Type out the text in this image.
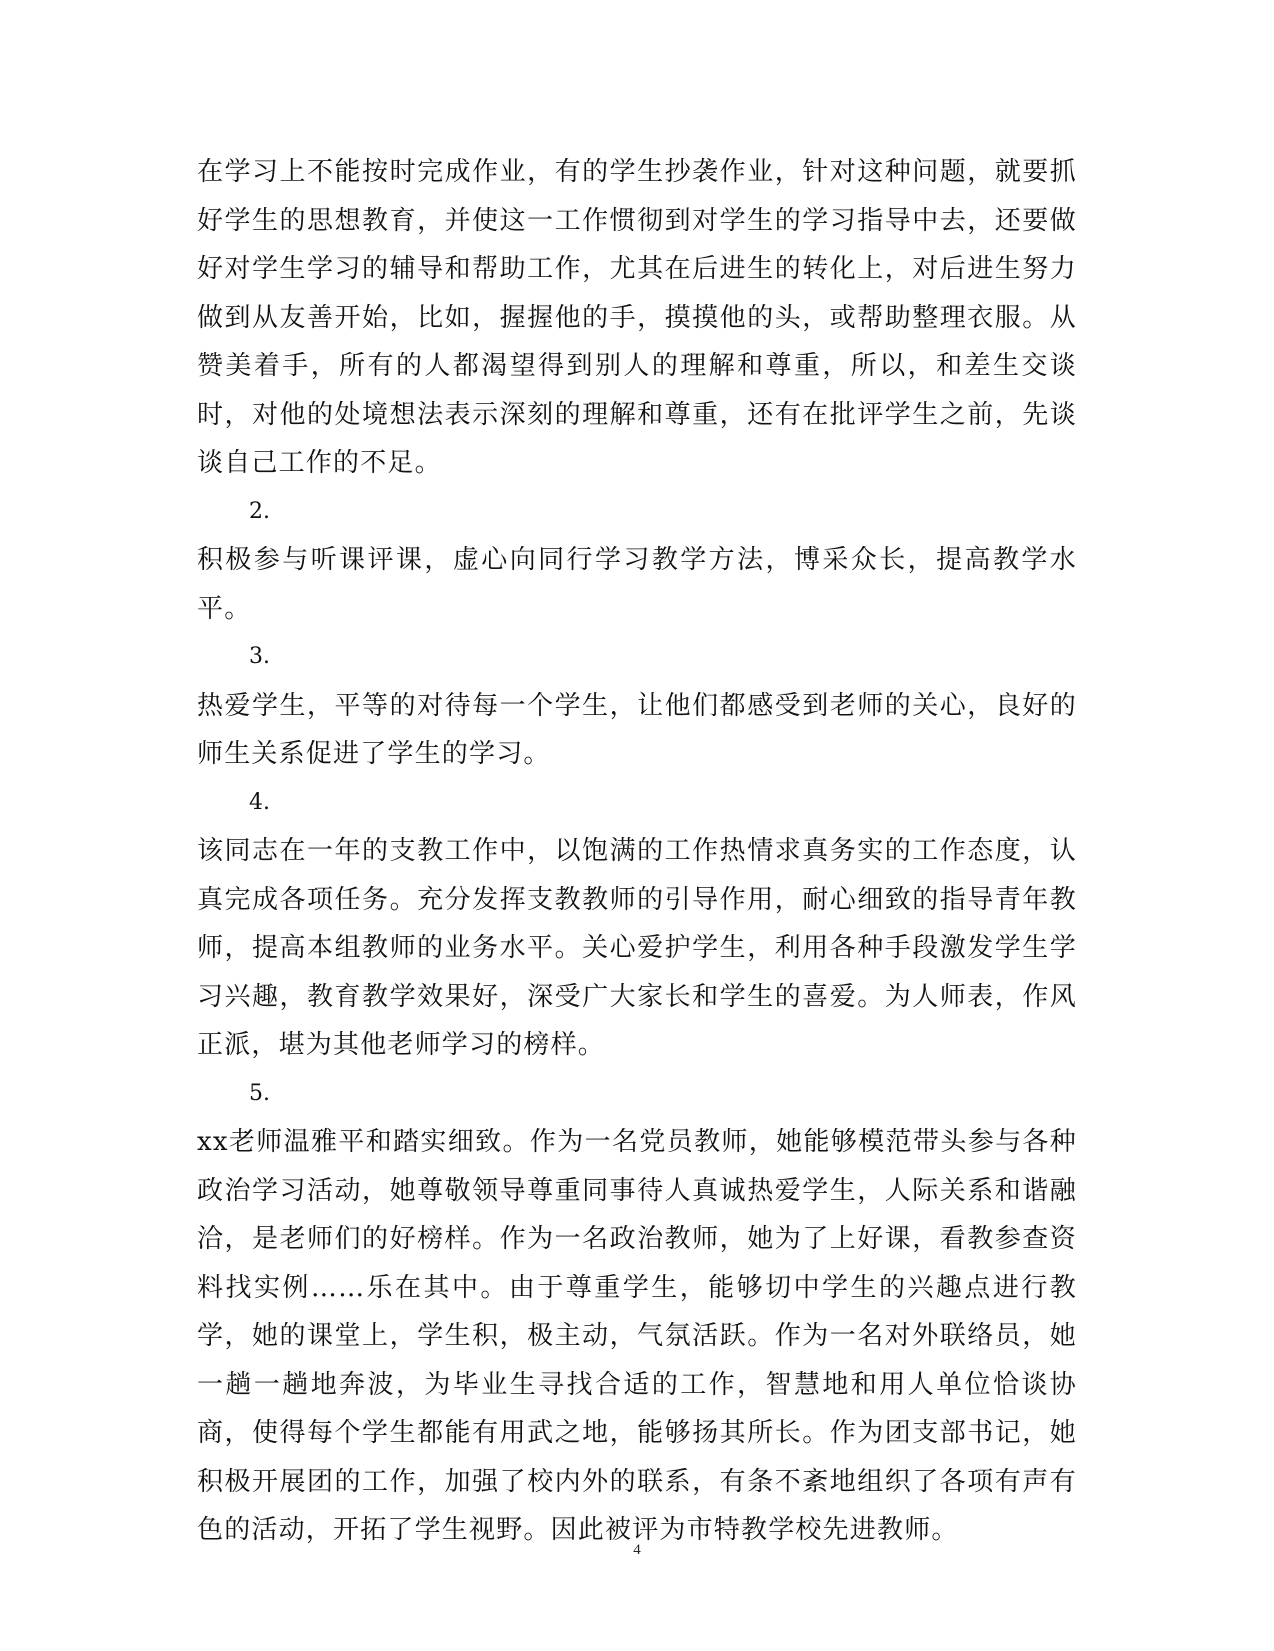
在学习上不能按时完成作业，有的学生抄袭作业，针对这种问题，就要抓好学生的思想教育，并使这一工作惯彻到对学生的学习指导中去，还要做好对学生学习的辅导和帮助工作，尤其在后进生的转化上，对后进生努力做到从友善开始，比如，握握他的手，摸摸他的头，或帮助整理衣服。从赞美着手，所有的人都渴望得到别人的理解和尊重，所以，和差生交谈时，对他的处境想法表示深刻的理解和尊重，还有在批评学生之前，先谈谈自己工作的不足。

2.

积极参与听课评课，虚心向同行学习教学方法，博采众长，提高教学水平。

3.

热爱学生，平等的对待每一个学生，让他们都感受到老师的关心，良好的师生关系促进了学生的学习。

4.

该同志在一年的支教工作中，以饱满的工作热情求真务实的工作态度，认真完成各项任务。充分发挥支教教师的引导作用，耐心细致的指导青年教师，提高本组教师的业务水平。关心爱护学生，利用各种手段激发学生学习兴趣，教育教学效果好，深受广大家长和学生的喜爱。为人师表，作风正派，堪为其他老师学习的榜样。

5.

xx老师温雅平和踏实细致。作为一名党员教师，她能够模范带头参与各种政治学习活动，她尊敬领导尊重同事待人真诚热爱学生，人际关系和谐融洽，是老师们的好榜样。作为一名政治教师，她为了上好课，看教参查资料找实例……乐在其中。由于尊重学生，能够切中学生的兴趣点进行教学，她的课堂上，学生积，极主动，气氛活跃。作为一名对外联络员，她一趟一趟地奔波，为毕业生寻找合适的工作，智慧地和用人单位恰谈协商，使得每个学生都能有用武之地，能够扬其所长。作为团支部书记，她积极开展团的工作，加强了校内外的联系，有条不紊地组织了各项有声有色的活动，开拓了学生视野。因此被评为市特教学校先进教师。

4
